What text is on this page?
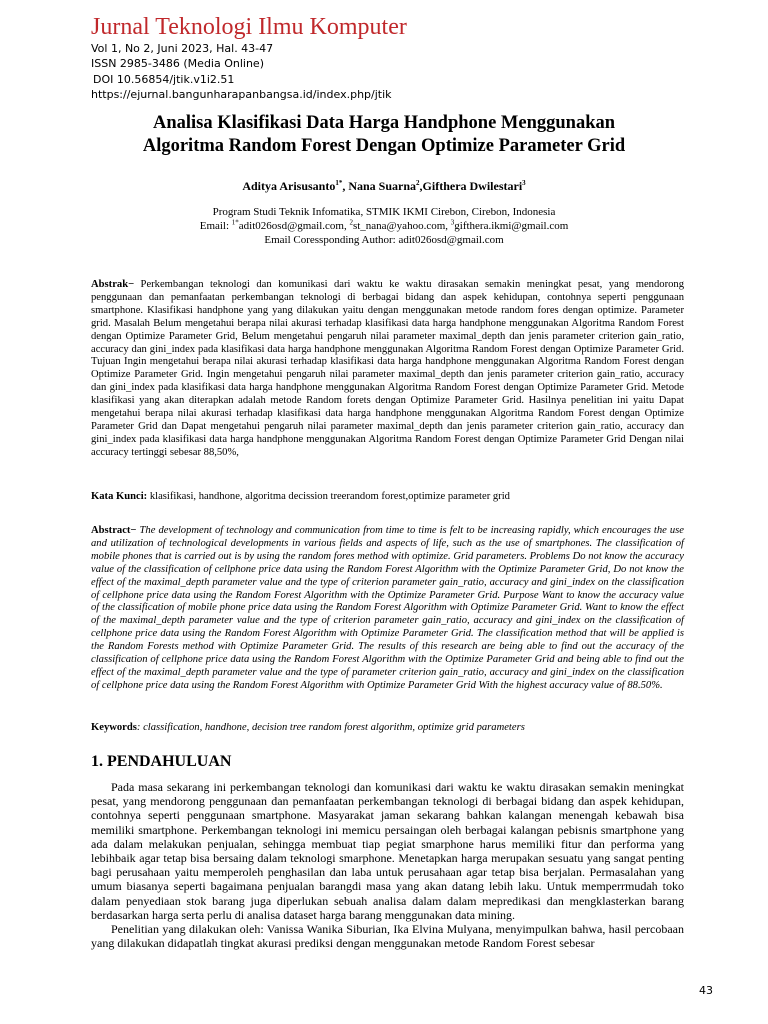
Jurnal Teknologi Ilmu Komputer
Vol 1, No 2, Juni 2023, Hal. 43-47
ISSN 2985-3486 (Media Online)
DOI 10.56854/jtik.v1i2.51
https://ejurnal.bangunharapanbangsa.id/index.php/jtik
Analisa Klasifikasi Data Harga Handphone Menggunakan
Algoritma Random Forest Dengan Optimize Parameter Grid
Aditya Arisusanto$^{1*}$, Nana Suarna$^2$,Gifthera Dwilestari$^3$
Program Studi Teknik Infomatika, STMIK IKMI Cirebon, Cirebon, Indonesia
Email: $^{1*}$adit026osd@gmail.com, $^2$st_nana@yahoo.com, $^3$gifthera.ikmi@gmail.com
Email Coressponding Author: adit026osd@gmail.com
Abstrak− Perkembangan teknologi dan komunikasi dari waktu ke waktu dirasakan semakin meningkat pesat, yang mendorong penggunaan dan pemanfaatan perkembangan teknologi di berbagai bidang dan aspek kehidupan, contohnya seperti penggunaan smartphone. Klasifikasi handphone yang yang dilakukan yaitu dengan menggunakan metode random fores dengan optimize. Parameter grid. Masalah Belum mengetahui berapa nilai akurasi terhadap klasifikasi data harga handphone menggunakan Algoritma Random Forest dengan Optimize Parameter Grid, Belum mengetahui pengaruh nilai parameter maximal_depth dan jenis parameter criterion gain_ratio, accuracy dan gini_index pada klasifikasi data harga handphone menggunakan Algoritma Random Forest dengan Optimize Parameter Grid. Tujuan Ingin mengetahui berapa nilai akurasi terhadap klasifikasi data harga handphone menggunakan Algoritma Random Forest dengan Optimize Parameter Grid. Ingin mengetahui pengaruh nilai parameter maximal_depth dan jenis parameter criterion gain_ratio, accuracy dan gini_index pada klasifikasi data harga handphone menggunakan Algoritma Random Forest dengan Optimize Parameter Grid. Metode klasifikasi yang akan diterapkan adalah metode Random forets dengan Optimize Parameter Grid. Hasilnya penelitian ini yaitu Dapat mengetahui berapa nilai akurasi terhadap klasifikasi data harga handphone menggunakan Algoritma Random Forest dengan Optimize Parameter Grid dan Dapat mengetahui pengaruh nilai parameter maximal_depth dan jenis parameter criterion gain_ratio, accuracy dan gini_index pada klasifikasi data harga handphone menggunakan Algoritma Random Forest dengan Optimize Parameter Grid Dengan nilai accuracy tertinggi sebesar 88,50%,
Kata Kunci: klasifikasi, handhone, algoritma decission treerandom forest,optimize parameter grid
Abstract− The development of technology and communication from time to time is felt to be increasing rapidly, which encourages the use and utilization of technological developments in various fields and aspects of life, such as the use of smartphones. The classification of mobile phones that is carried out is by using the random fores method with optimize. Grid parameters. Problems Do not know the accuracy value of the classification of cellphone price data using the Random Forest Algorithm with the Optimize Parameter Grid, Do not know the effect of the maximal_depth parameter value and the type of criterion parameter gain_ratio, accuracy and gini_index on the classification of cellphone price data using the Random Forest Algorithm with the Optimize Parameter Grid. Purpose Want to know the accuracy value of the classification of mobile phone price data using the Random Forest Algorithm with Optimize Parameter Grid. Want to know the effect of the maximal_depth parameter value and the type of criterion parameter gain_ratio, accuracy and gini_index on the classification of cellphone price data using the Random Forest Algorithm with Optimize Parameter Grid. The classification method that will be applied is the Random Forests method with Optimize Parameter Grid. The results of this research are being able to find out the accuracy of the classification of cellphone price data using the Random Forest Algorithm with the Optimize Parameter Grid and being able to find out the effect of the maximal_depth parameter value and the type of parameter criterion gain_ratio, accuracy and gini_index on the classification of cellphone price data using the Random Forest Algorithm with Optimize Parameter Grid With the highest accuracy value of 88.50%.
Keywords: classification, handhone, decision tree random forest algorithm, optimize grid parameters
1. PENDAHULUAN

Pada masa sekarang ini perkembangan teknologi dan komunikasi dari waktu ke waktu dirasakan semakin meningkat pesat, yang mendorong penggunaan dan pemanfaatan perkembangan teknologi di berbagai bidang dan aspek kehidupan, contohnya seperti penggunaan smartphone. Masyarakat jaman sekarang bahkan kalangan menengah kebawah bisa memiliki smartphone. Perkembangan teknologi ini memicu persaingan oleh berbagai kalangan pebisnis smartphone yang ada dalam melakukan penjualan, sehingga membuat tiap pegiat smarphone harus memiliki fitur dan performa yang lebihbaik agar tetap bisa bersaing dalam teknologi smarphone. Menetapkan harga merupakan sesuatu yang sangat penting bagi perusahaan yaitu memperoleh penghasilan dan laba untuk perusahaan agar tetap bisa berjalan. Permasalahan yang umum biasanya seperti bagaimana penjualan barangdi masa yang akan datang lebih laku. Untuk memperrmudah toko dalam penyediaan stok barang juga diperlukan sebuah analisa dalam dalam mepredikasi dan mengklasterkan barang berdasarkan harga serta perlu di analisa dataset harga barang menggunakan data mining.

Penelitian yang dilakukan oleh: Vanissa Wanika Siburian, Ika Elvina Mulyana, menyimpulkan bahwa, hasil percobaan yang dilakukan didapatlah tingkat akurasi prediksi dengan menggunakan metode Random Forest sebesar

43
